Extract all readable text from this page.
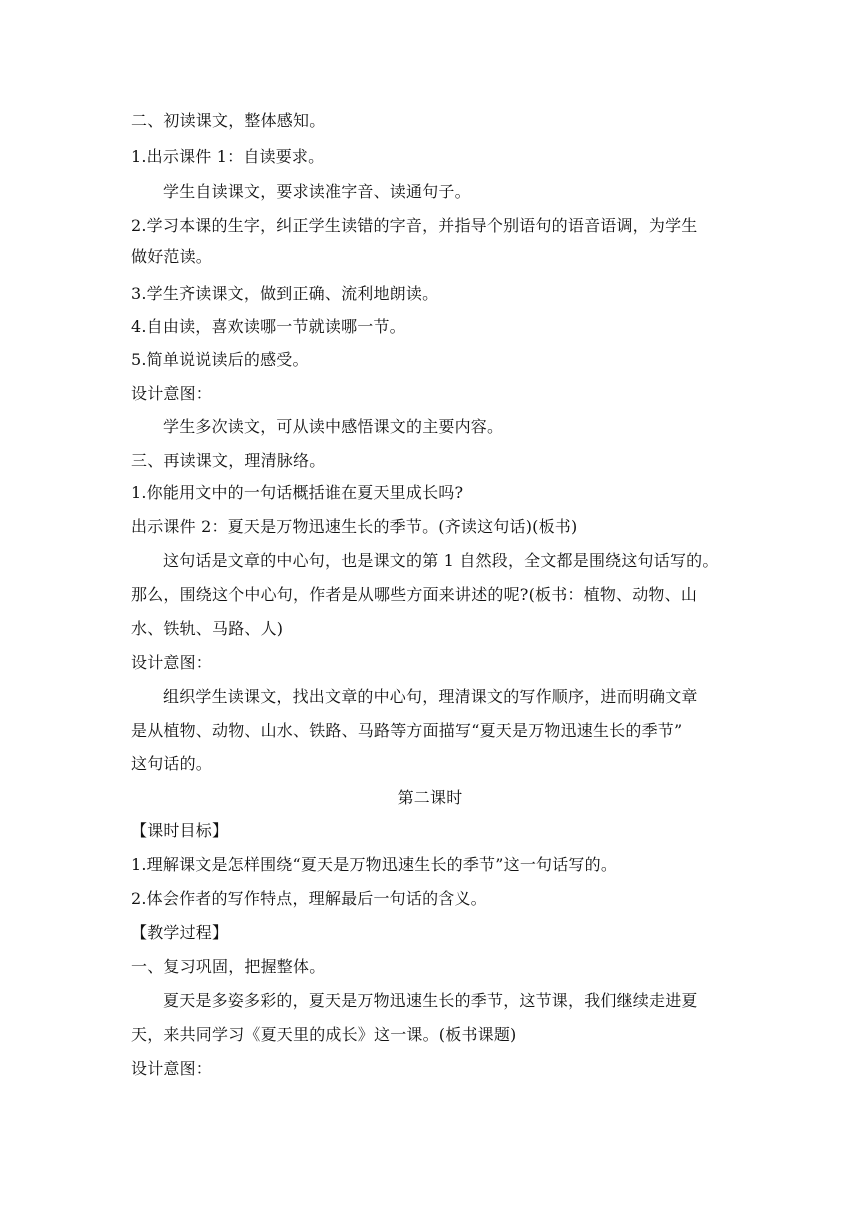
二、初读课文，整体感知。
1.出示课件 1：自读要求。
学生自读课文，要求读准字音、读通句子。
2.学习本课的生字，纠正学生读错的字音，并指导个别语句的语音语调，为学生
做好范读。
3.学生齐读课文，做到正确、流利地朗读。
4.自由读，喜欢读哪一节就读哪一节。
5.简单说说读后的感受。
设计意图：
学生多次读文，可从读中感悟课文的主要内容。
三、再读课文，理清脉络。
1.你能用文中的一句话概括谁在夏天里成长吗?
出示课件 2：夏天是万物迅速生长的季节。(齐读这句话)(板书)
这句话是文章的中心句，也是课文的第 1 自然段，全文都是围绕这句话写的。
那么，围绕这个中心句，作者是从哪些方面来讲述的呢?(板书：植物、动物、山
水、铁轨、马路、人)
设计意图：
组织学生读课文，找出文章的中心句，理清课文的写作顺序，进而明确文章
是从植物、动物、山水、铁路、马路等方面描写“夏天是万物迅速生长的季节”
这句话的。
第二课时
【课时目标】
1.理解课文是怎样围绕“夏天是万物迅速生长的季节”这一句话写的。
2.体会作者的写作特点，理解最后一句话的含义。
【教学过程】
一、复习巩固，把握整体。
夏天是多姿多彩的，夏天是万物迅速生长的季节，这节课，我们继续走进夏
天，来共同学习《夏天里的成长》这一课。(板书课题)
设计意图：
